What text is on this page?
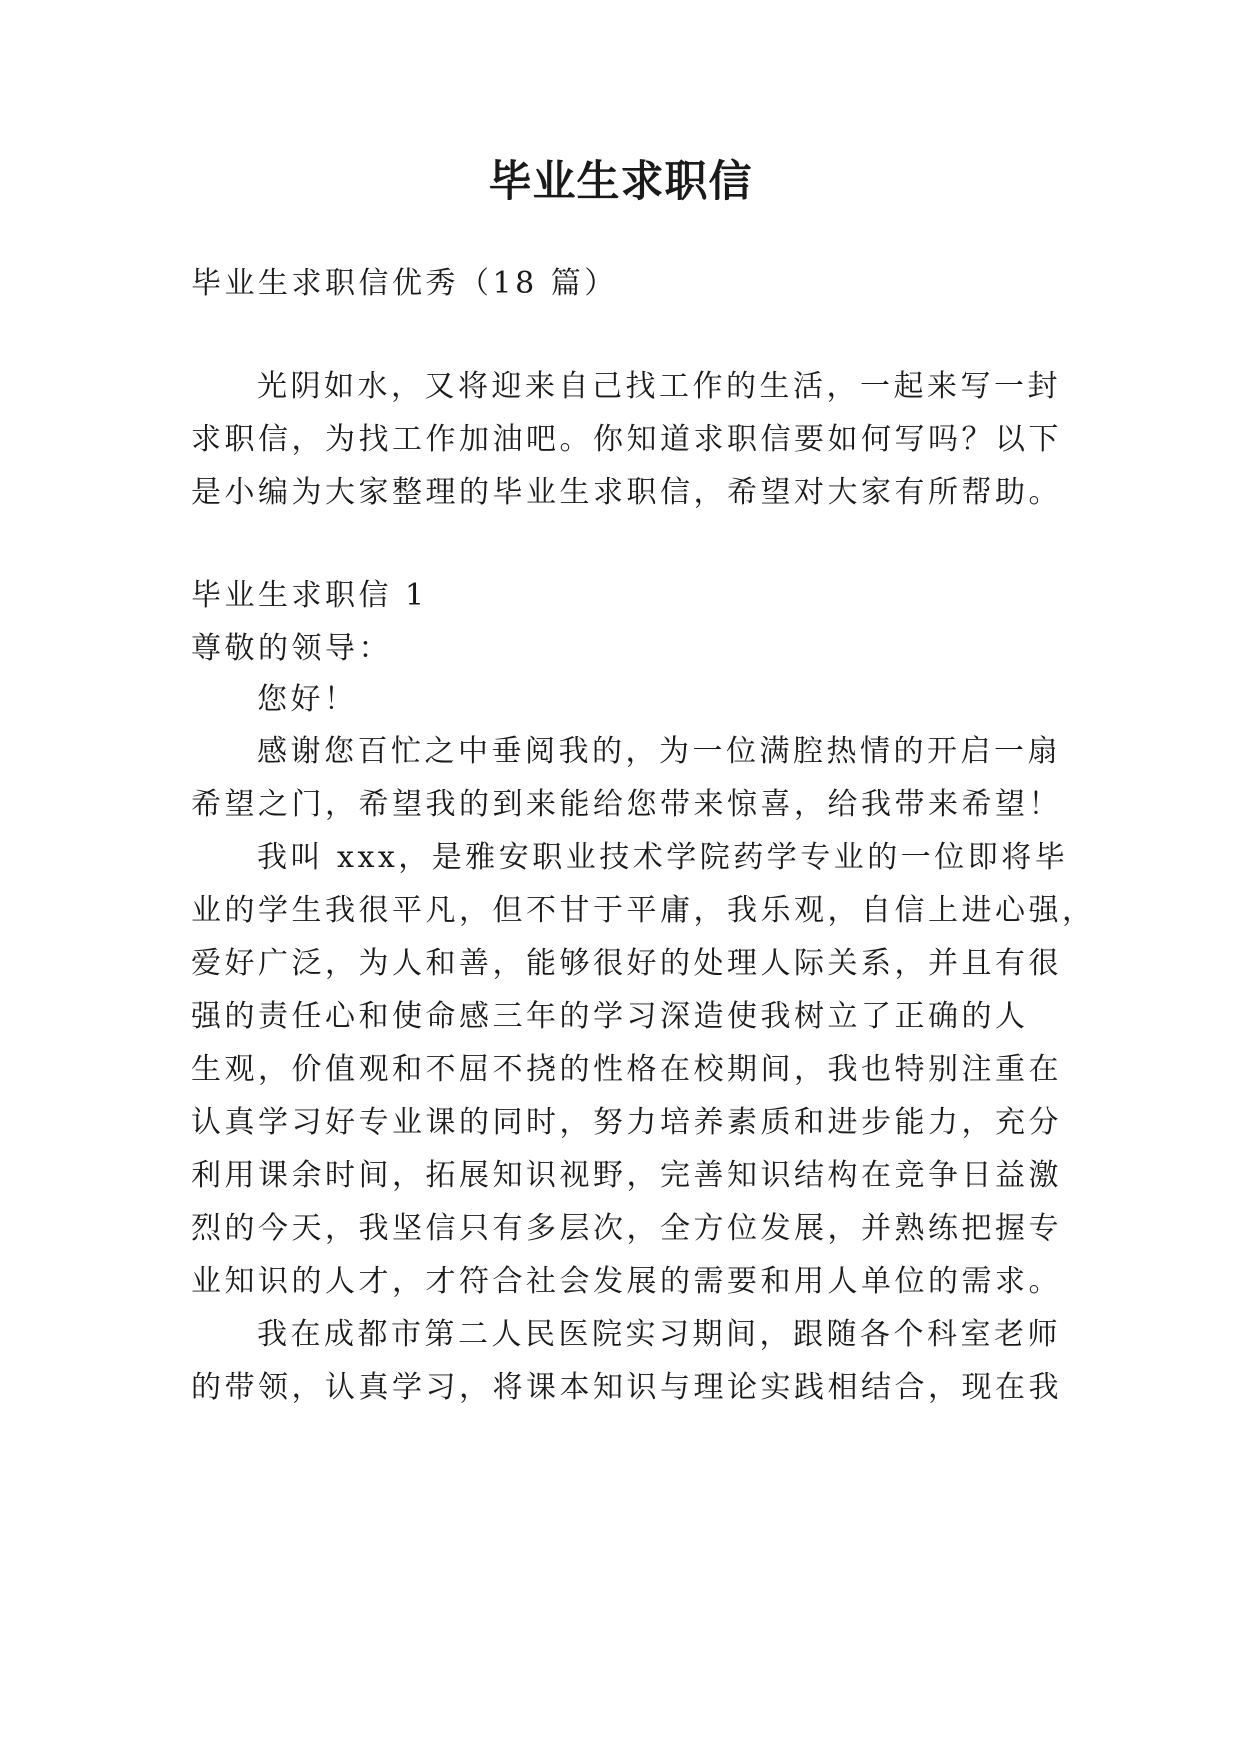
毕业生求职信
毕业生求职信优秀（18 篇）
光阴如水，又将迎来自己找工作的生活，一起来写一封
求职信，为找工作加油吧。你知道求职信要如何写吗？以下
是小编为大家整理的毕业生求职信，希望对大家有所帮助。
毕业生求职信 1
尊敬的领导：
您好！
感谢您百忙之中垂阅我的，为一位满腔热情的开启一扇
希望之门，希望我的到来能给您带来惊喜，给我带来希望！
我叫 xxx，是雅安职业技术学院药学专业的一位即将毕
业的学生我很平凡，但不甘于平庸，我乐观，自信上进心强，
爱好广泛，为人和善，能够很好的处理人际关系，并且有很
强的责任心和使命感三年的学习深造使我树立了正确的人
生观，价值观和不屈不挠的性格在校期间，我也特别注重在
认真学习好专业课的同时，努力培养素质和进步能力，充分
利用课余时间，拓展知识视野，完善知识结构在竞争日益激
烈的今天，我坚信只有多层次，全方位发展，并熟练把握专
业知识的人才，才符合社会发展的需要和用人单位的需求。
我在成都市第二人民医院实习期间，跟随各个科室老师
的带领，认真学习，将课本知识与理论实践相结合，现在我
